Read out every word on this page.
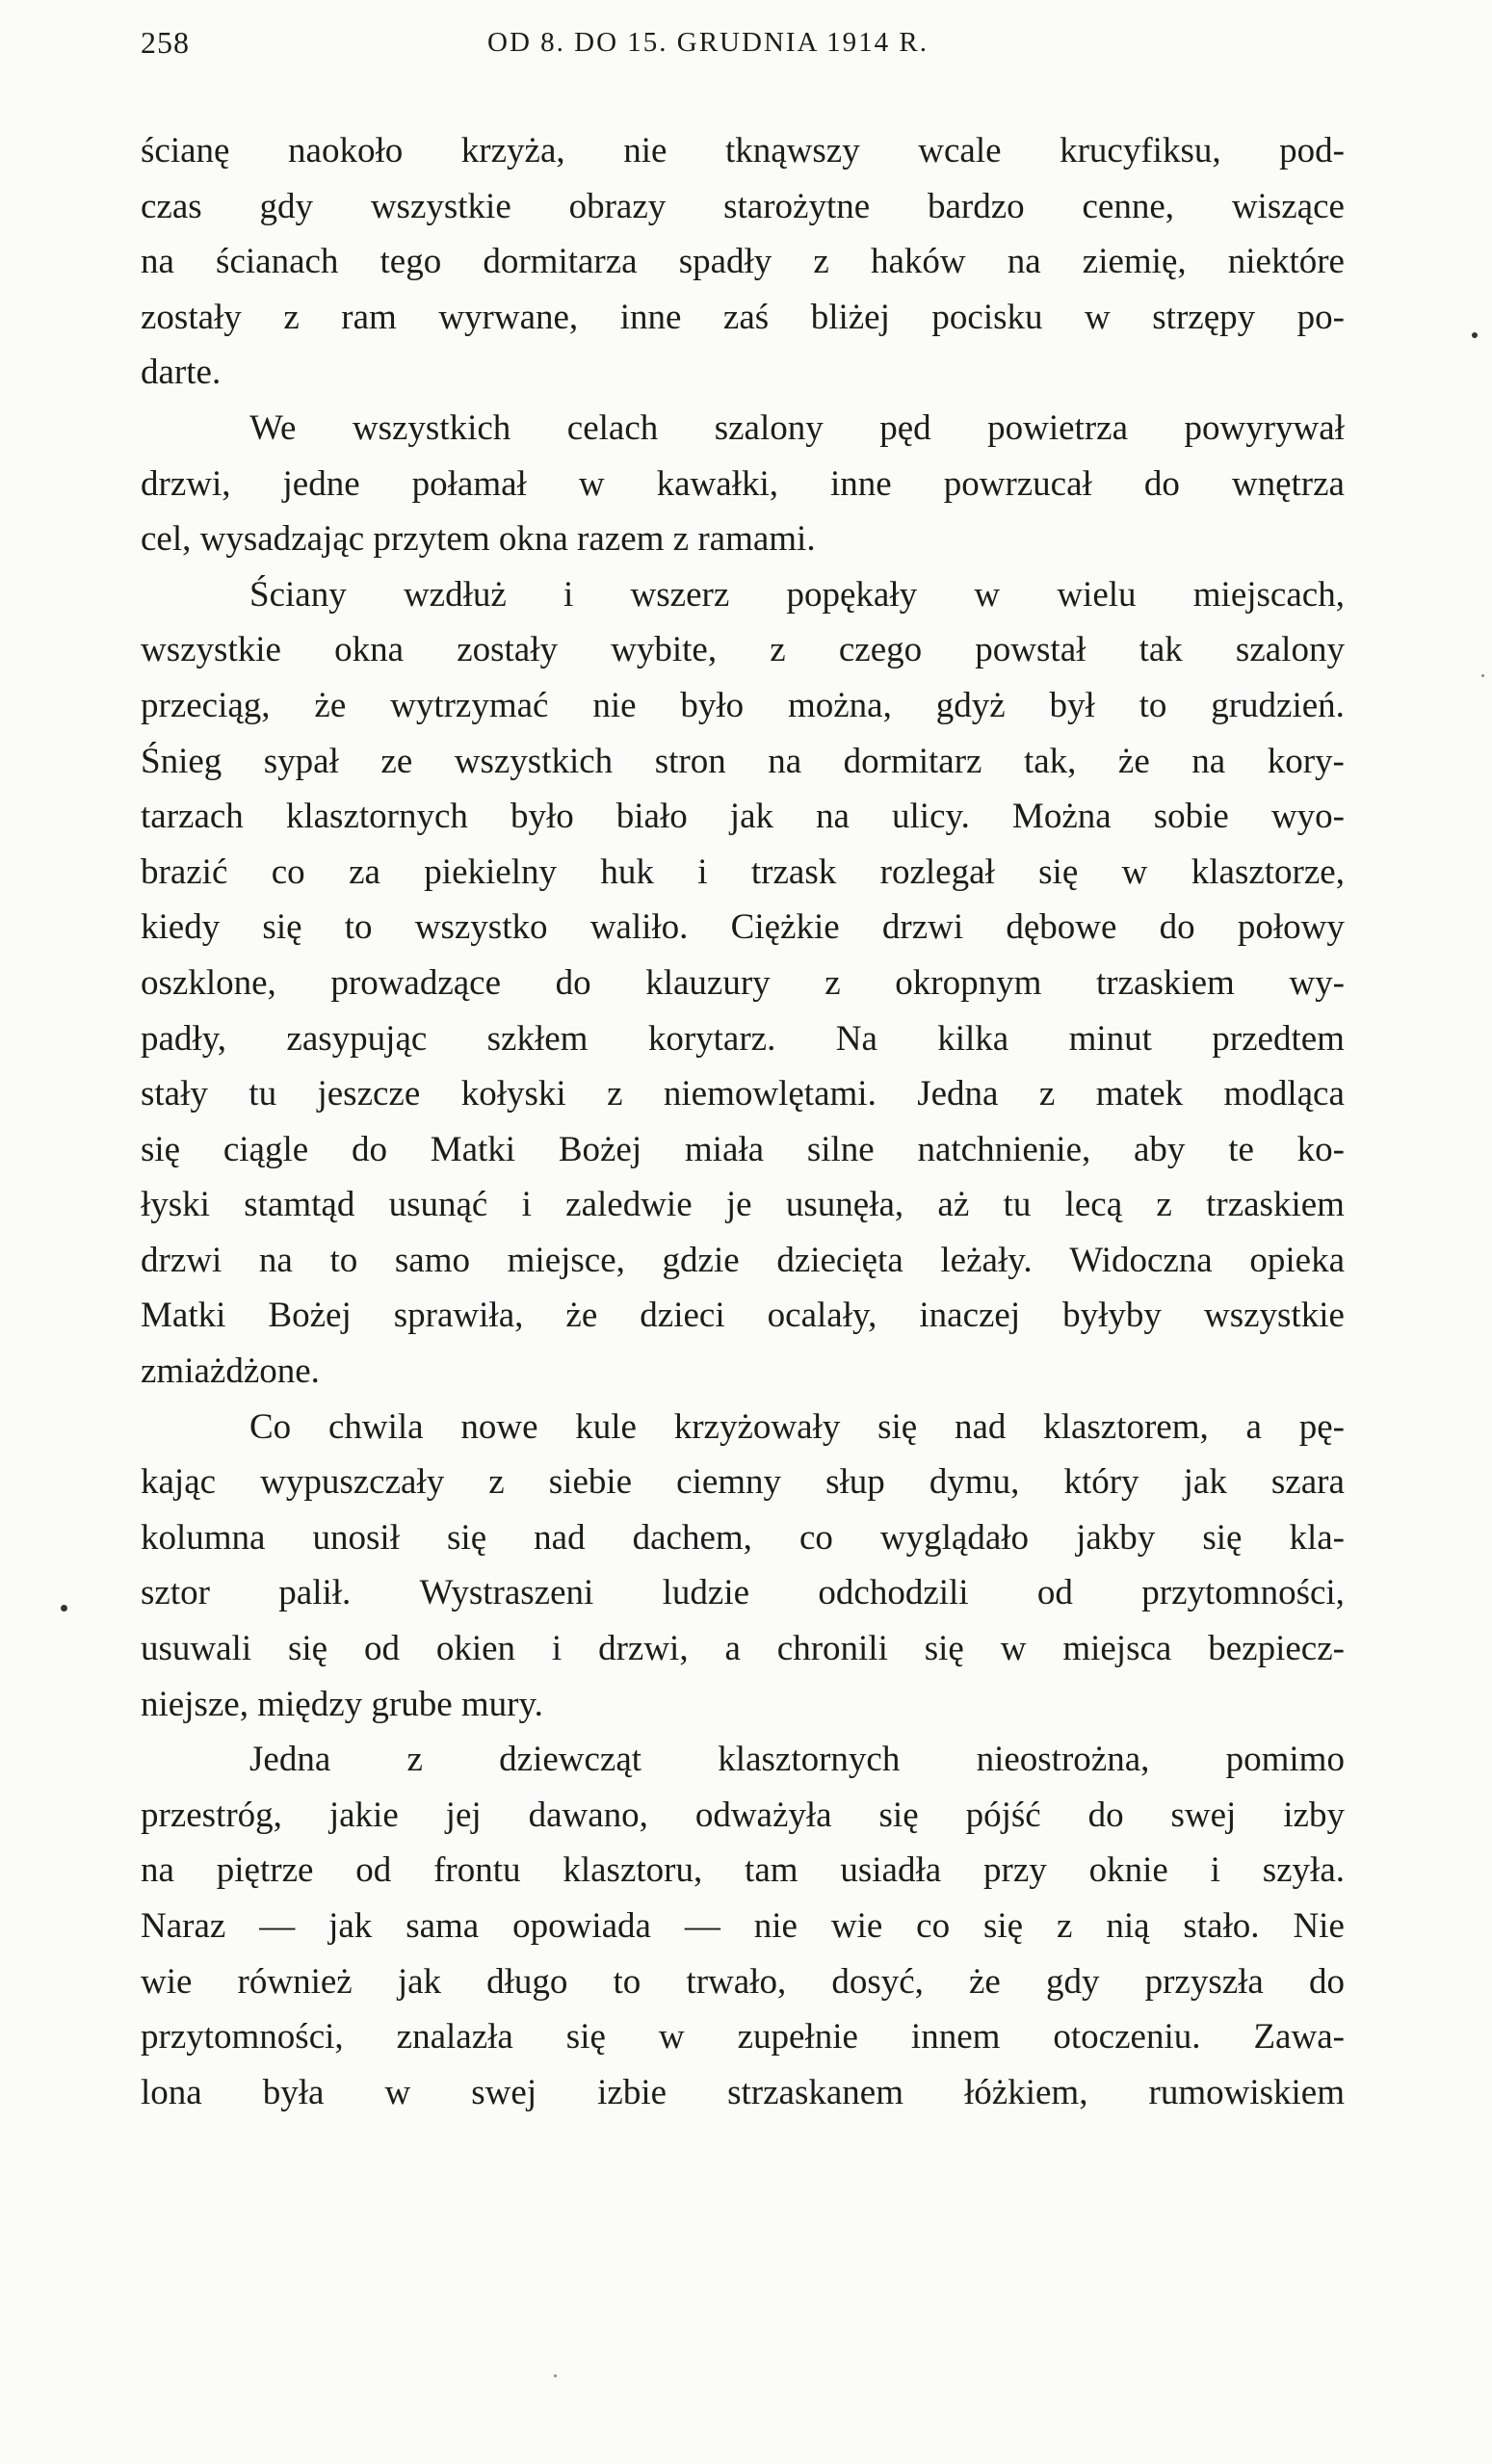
258	OD 8. DO 15. GRUDNIA 1914 R.
ścianę naokoło krzyża, nie tknąwszy wcale krucyfiksu, pod-
czas gdy wszystkie obrazy starożytne bardzo cenne, wiszące
na ścianach tego dormitarza spadły z haków na ziemię, niektóre
zostały z ram wyrwane, inne zaś bliżej pocisku w strzępy po-
darte.
We wszystkich celach szalony pęd powietrza powyrywał
drzwi, jedne połamał w kawałki, inne powrzucał do wnętrza
cel, wysadzając przytem okna razem z ramami.
Ściany wzdłuż i wszerz popękały w wielu miejscach,
wszystkie okna zostały wybite, z czego powstał tak szalony
przeciąg, że wytrzymać nie było można, gdyż był to grudzień.
Śnieg sypał ze wszystkich stron na dormitarz tak, że na kory-
tarzach klasztornych było biało jak na ulicy. Można sobie wyo-
brazić co za piekielny huk i trzask rozlegał się w klasztorze,
kiedy się to wszystko waliło. Ciężkie drzwi dębowe do połowy
oszklone, prowadzące do klauzury z okropnym trzaskiem wy-
padły, zasypując szkłem korytarz. Na kilka minut przedtem
stały tu jeszcze kołyski z niemowlętami. Jedna z matek modląca
się ciągle do Matki Bożej miała silne natchnienie, aby te ko-
łyski stamtąd usunąć i zaledwie je usunęła, aż tu lecą z trzaskiem
drzwi na to samo miejsce, gdzie dziecięta leżały. Widoczna opieka
Matki Bożej sprawiła, że dzieci ocalały, inaczej byłyby wszystkie
zmiażdżone.
Co chwila nowe kule krzyżowały się nad klasztorem, a pę-
kając wypuszczały z siebie ciemny słup dymu, który jak szara
kolumna unosił się nad dachem, co wyglądało jakby się kla-
sztor palił. Wystraszeni ludzie odchodzili od przytomności,
usuwali się od okien i drzwi, a chronili się w miejsca bezpiecz-
niejsze, między grube mury.
Jedna z dziewcząt klasztornych nieostrożna, pomimo
przestróg, jakie jej dawano, odważyła się pójść do swej izby
na piętrze od frontu klasztoru, tam usiadła przy oknie i szyła.
Naraz — jak sama opowiada — nie wie co się z nią stało. Nie
wie również jak długo to trwało, dosyć, że gdy przyszła do
przytomności, znalazła się w zupełnie innem otoczeniu. Zawa-
lona była w swej izbie strzaskanem łóżkiem, rumowiskiem
